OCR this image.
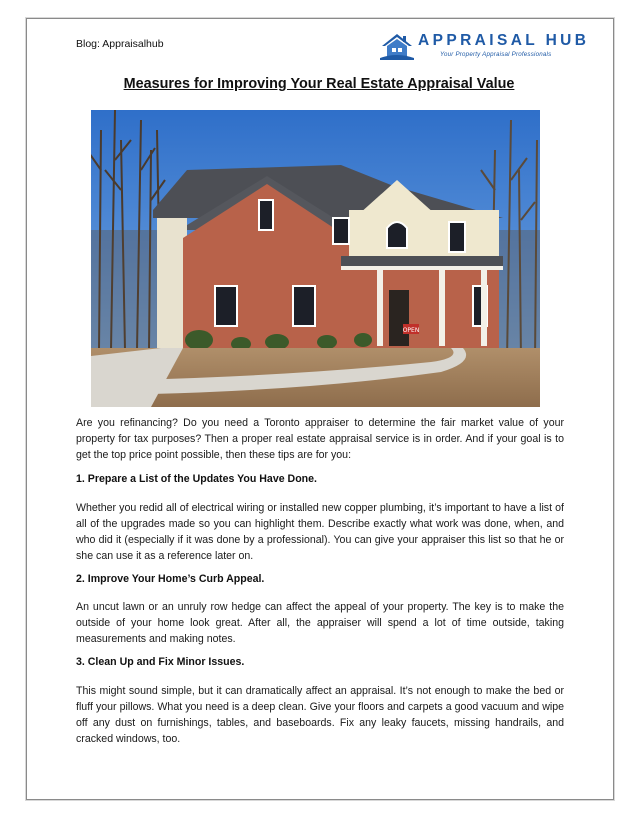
Blog: Appraisalhub	APPRAISAL HUB
Your Property Appraisal Professionals
Measures for Improving Your Real Estate Appraisal Value
OPEN
Are you refinancing? Do you need a Toronto appraiser to determine the fair market value of your property for tax purposes? Then a proper real estate appraisal service is in order. And if your goal is to get the top price point possible, then these tips are for you:
1. Prepare a List of the Updates You Have Done.
Whether you redid all of electrical wiring or installed new copper plumbing, it’s important to have a list of all of the upgrades made so you can highlight them. Describe exactly what work was done, when, and who did it (especially if it was done by a professional). You can give your appraiser this list so that he or she can use it as a reference later on.
2. Improve Your Home’s Curb Appeal.
An uncut lawn or an unruly row hedge can affect the appeal of your property. The key is to make the outside of your home look great. After all, the appraiser will spend a lot of time outside, taking measurements and making notes.
3. Clean Up and Fix Minor Issues.
This might sound simple, but it can dramatically affect an appraisal. It’s not enough to make the bed or fluff your pillows. What you need is a deep clean. Give your floors and carpets a good vacuum and wipe off any dust on furnishings, tables, and baseboards. Fix any leaky faucets, missing handrails, and cracked windows, too.
